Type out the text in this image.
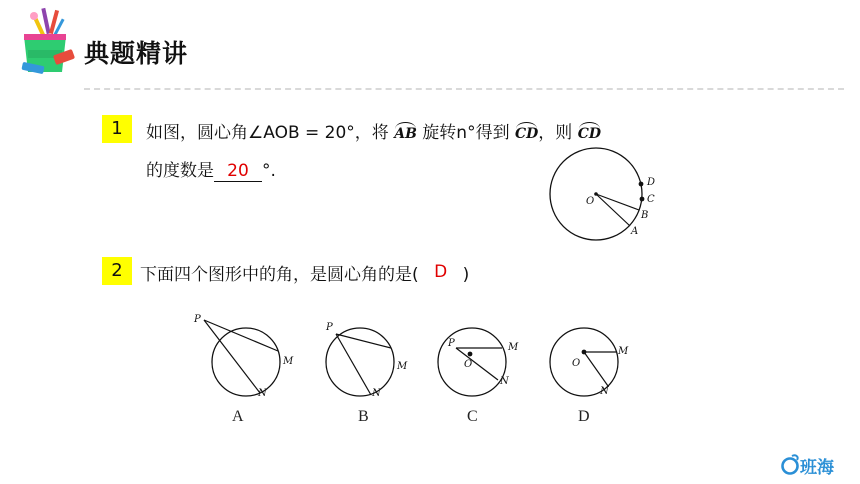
典题精讲
1	如图，圆心角∠AOB = 20°，将 AB 旋转n°得到 CD，则 CD
的度数是 20 °.
O
D
C
B
A
2	下面四个图形中的角，是圆心角的是( D )
P
M
N
A
P
M
N
B
P
O
M
N
C
O
M
N
D
班海
